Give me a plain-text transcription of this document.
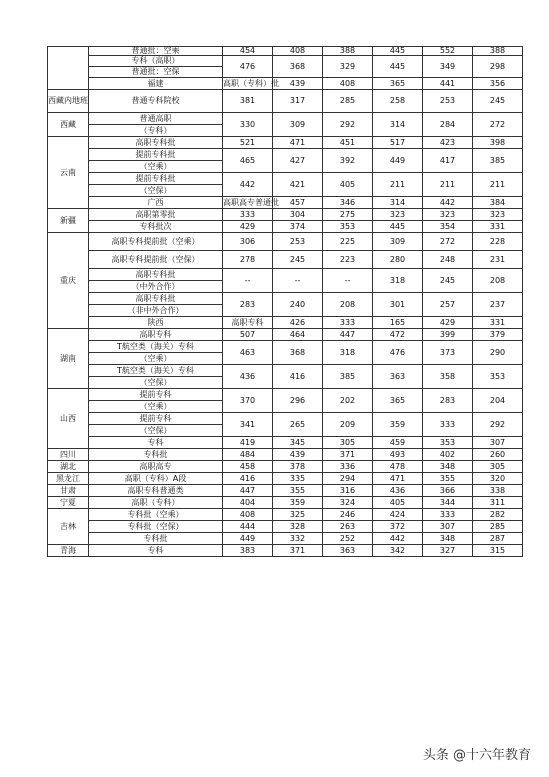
	普通批：空乘	454	408	388	445	552	388	
	专科（高职）	476	368	329	445	349	298	
	普通批：空保							
	福建	高职（专科）批	439	408	365	441	356	
西藏内地班	普通专科院校	381	317	285	258	253	245	
西藏	普通高职	330	309	292	314	284	272	
	（专科）							
云南	高职专科批	521	471	451	517	423	398	
	提前专科批	465	427	392	449	417	385	
	（空乘）							
	提前专科批	442	421	405	211	211	211	
	（空保）							
	广西	高职高专普通批	457	346	314	442	384	
新疆	高职第零批	333	304	275	323	323	323	
	专科批次	429	374	353	445	354	331	
重庆	高职专科提前批（空乘）	306	253	225	309	272	228	
	高职专科提前批（空保）	278	245	223	280	248	231	
	高职专科批	--	--	--	318	245	208	
	（中外合作）							
	高职专科批	283	240	208	301	257	237	
	（非中外合作）							
	陕西	高职专科	426	333	165	429	331	
湖南	高职专科	507	464	447	472	399	379	
	T航空类（海关）专科	463	368	318	476	373	290	
	（空乘）							
	T航空类（海关）专科	436	416	385	363	358	353	
	（空保）							
山西	提前专科	370	296	202	365	283	204	
	（空乘）							
	提前专科	341	265	209	359	333	292	
	（空保）							
	专科	419	345	305	459	353	307	
四川	专科批	484	439	371	493	402	260	
湖北	高职高专	458	378	336	478	348	305	
黑龙江	高职（专科）A段	416	335	294	471	355	320	
甘肃	高职专科普通类	447	355	316	436	366	338	
宁夏	高职（专科）	404	359	324	405	344	311	
吉林	专科批（空乘）	408	325	246	424	333	282	
	专科批（空保）	444	328	263	372	307	285	
	专科批	449	332	252	442	348	287	
青海	专科	383	371	363	342	327	315	
头条 @十六年教育
